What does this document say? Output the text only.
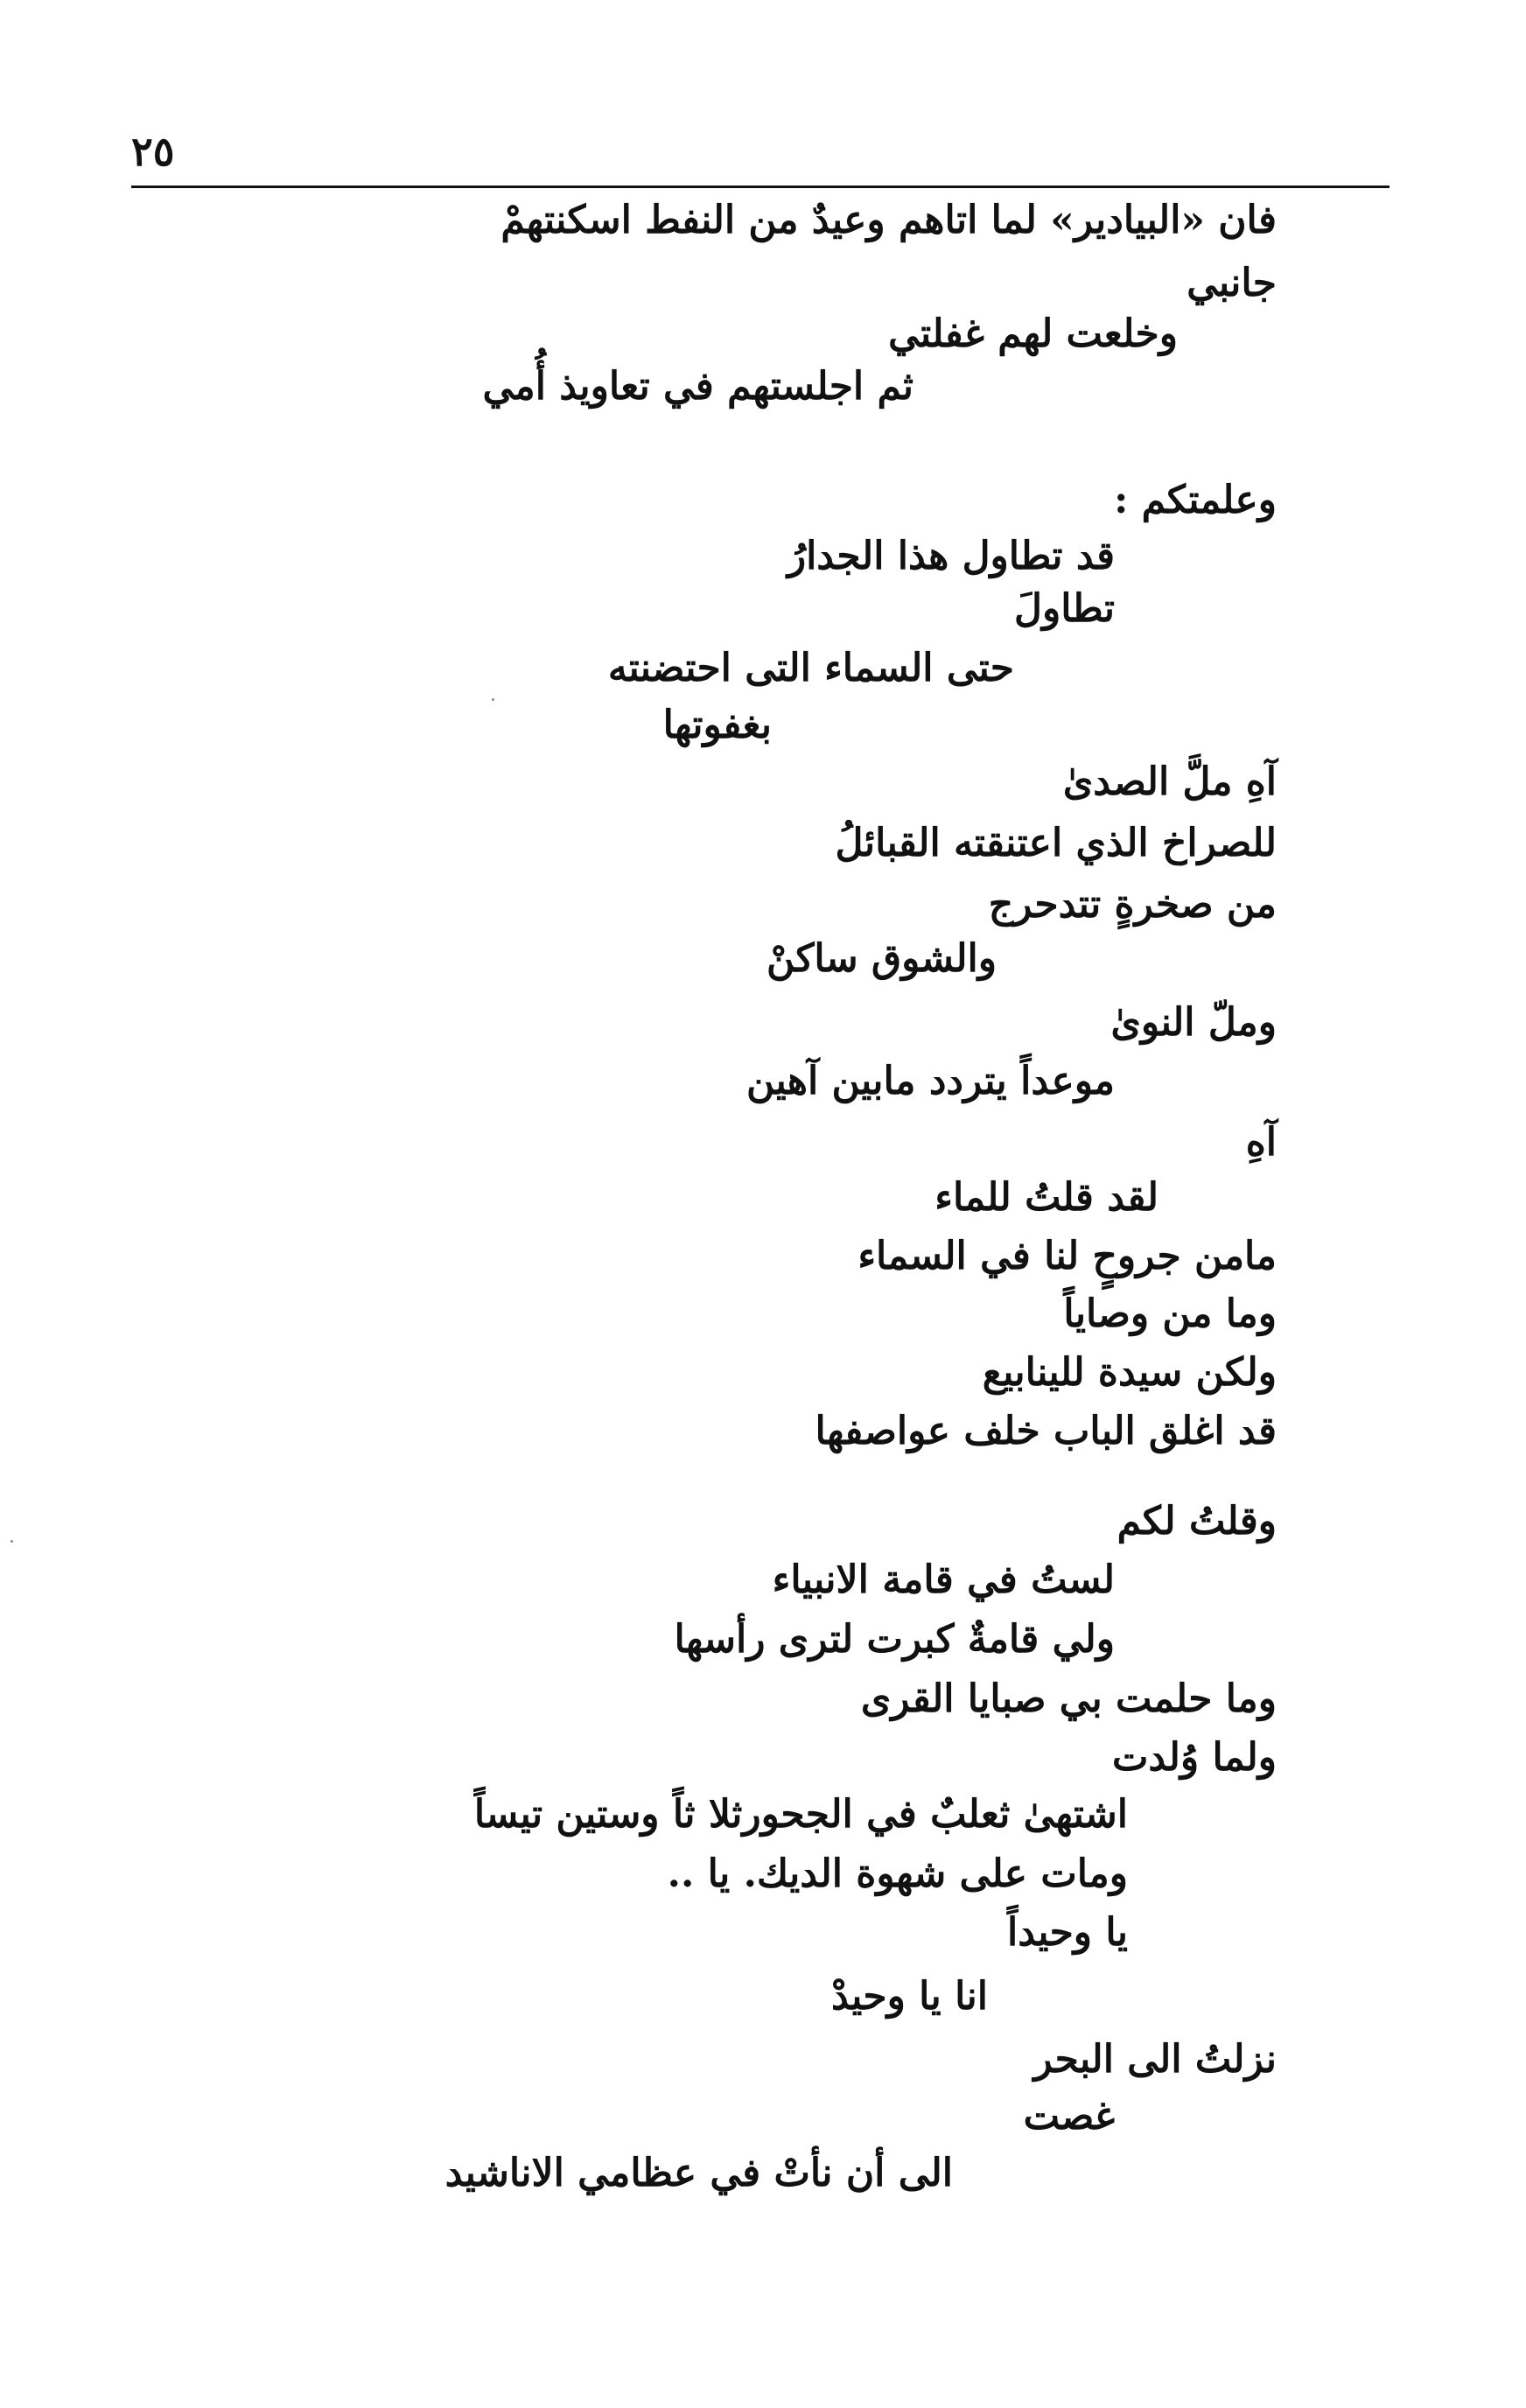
٢٥
فان «البيادير» لما اتاهم وعيدٌ من النفط اسكنتهمْ
جانبي
وخلعت لهم غفلتي
ثم اجلستهم في تعاويذ أُمي
وعلمتكم :
قد تطاول هذا الجدارُ
تطاولَ
حتى السماء التى احتضنته
بغفوتها
آهِ ملَّ الصدىٰ
للصراخ الذي اعتنقته القبائلُ
من صخرةٍ تتدحرج
والشوق ساكنْ
وملّ النوىٰ
موعداً يتردد مابين آهين
آهِ
لقد قلتُ للماء
مامن جروحٍ لنا في السماء
وما من وصاياً
ولكن سيدة للينابيع
قد اغلق الباب خلف عواصفها
وقلتُ لكم
لستُ في قامة الانبياء
ولي قامةٌ كبرت لترى رأسها
وما حلمت بي صبايا القرى
ولما وُلدت
اشتهىٰ ثعلبٌ في الجحورثلا ثاً وستين تيساً
ومات على شهوة الديك. يا ..
يا وحيداً
انا يا وحيدْ
نزلتُ الى البحر
غصت
الى أن نأتْ في عظامي الاناشيد
